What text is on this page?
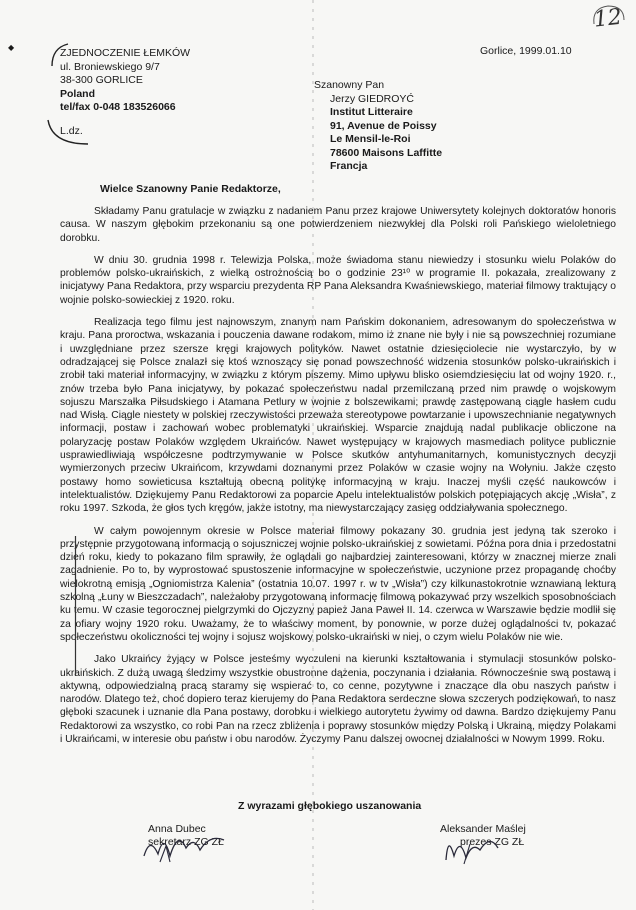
12
◆	ZJEDNOCZENIE ŁEMKÓW
ul. Broniewskiego 9/7
38-300 GORLICE
Poland
tel/fax 0-048 183526066
L.dz.
Gorlice, 1999.01.10
Szanowny Pan
Jerzy GIEDROYĆ
Institut Litteraire
91, Avenue de Poissy
Le Mensil-le-Roi
78600 Maisons Laffitte
Francja
Wielce Szanowny Panie Redaktorze,

Składamy Panu gratulacje w związku z nadaniem Panu przez krajowe Uniwersytety kolejnych doktoratów honoris causa. W naszym głębokim przekonaniu są one potwierdzeniem niezwykłej dla Polski roli Pańskiego wieloletniego dorobku.

W dniu 30. grudnia 1998 r. Telewizja Polska, może świadoma stanu niewiedzy i stosunku wielu Polaków do problemów polsko-ukraińskich, z wielką ostrożnością bo o godzinie 23¹⁰ w programie II. pokazała, zrealizowany z inicjatywy Pana Redaktora, przy wsparciu prezydenta RP Pana Aleksandra Kwaśniewskiego, materiał filmowy traktujący o wojnie polsko-sowieckiej z 1920. roku.

Realizacja tego filmu jest najnowszym, znanym nam Pańskim dokonaniem, adresowanym do społeczeństwa w kraju. Pana proroctwa, wskazania i pouczenia dawane rodakom, mimo iż znane nie były i nie są powszechniej rozumiane i uwzględniane przez szersze kręgi krajowych polityków. Nawet ostatnie dziesięciolecie nie wystarczyło, by w odradzającej się Polsce znalazł się ktoś wznoszący się ponad powszechność widzenia stosunków polsko-ukraińskich i zrobił taki materiał informacyjny, w związku z którym piszemy. Mimo upływu blisko osiemdziesięciu lat od wojny 1920. r., znów trzeba było Pana inicjatywy, by pokazać społeczeństwu nadal przemilczaną przed nim prawdę o wojskowym sojuszu Marszałka Piłsudskiego i Atamana Petlury w wojnie z bolszewikami; prawdę zastępowaną ciągle hasłem cudu nad Wisłą. Ciągle niestety w polskiej rzeczywistości przeważa stereotypowe powtarzanie i upowszechnianie negatywnych informacji, postaw i zachowań wobec problematyki ukraińskiej. Wsparcie znajdują nadal publikacje obliczone na polaryzację postaw Polaków względem Ukraińców. Nawet występujący w krajowych masmediach polityce publicznie usprawiedliwiają współczesne podtrzymywanie w Polsce skutków antyhumanitarnych, komunistycznych decyzji wymierzonych przeciw Ukraińcom, krzywdami doznanymi przez Polaków w czasie wojny na Wołyniu. Jakże często postawy homo sowieticusa kształtują obecną politykę informacyjną w kraju. Inaczej myśli część naukowców i intelektualistów. Dziękujemy Panu Redaktorowi za poparcie Apelu intelektualistów polskich potępiających akcję „Wisła”, z roku 1997. Szkoda, że głos tych kręgów, jakże istotny, ma niewystarczający zasięg oddziaływania społecznego.

W całym powojennym okresie w Polsce materiał filmowy pokazany 30. grudnia jest jedyną tak szeroko i przystępnie przygotowaną informacją o sojuszniczej wojnie polsko-ukraińskiej z sowietami. Późna pora dnia i przedostatni dzień roku, kiedy to pokazano film sprawiły, że oglądali go najbardziej zainteresowani, którzy w znacznej mierze znali zagadnienie. Po to, by wyprostować spustoszenie informacyjne w społeczeństwie, uczynione przez propagandę choćby wielokrotną emisją „Ogniomistrza Kalenia” (ostatnia 10.07. 1997 r. w tv „Wisła”) czy kilkunastokrotnie wznawianą lekturą szkolną „Łuny w Bieszczadach”, należałoby przygotowaną informację filmową pokazywać przy wszelkich sposobnościach ku temu. W czasie tegorocznej pielgrzymki do Ojczyzny papież Jana Paweł II. 14. czerwca w Warszawie będzie modlił się za ofiary wojny 1920 roku. Uważamy, że to właściwy moment, by ponownie, w porze dużej oglądalności tv, pokazać społeczeństwu okoliczności tej wojny i sojusz wojskowy polsko-ukraiński w niej, o czym wielu Polaków nie wie.

Jako Ukraińcy żyjący w Polsce jesteśmy wyczuleni na kierunki kształtowania i stymulacji stosunków polsko-ukraińskich. Z dużą uwagą śledzimy wszystkie obustronne dążenia, poczynania i działania. Równocześnie swą postawą i aktywną, odpowiedzialną pracą staramy się wspierać to, co cenne, pozytywne i znaczące dla obu naszych państw i narodów. Dlatego też, choć dopiero teraz kierujemy do Pana Redaktora serdeczne słowa szczerych podziękowań, to nasz głęboki szacunek i uznanie dla Pana postawy, dorobku i wielkiego autorytetu żywimy od dawna. Bardzo dziękujemy Panu Redaktorowi za wszystko, co robi Pan na rzecz zbliżenia i poprawy stosunków między Polską i Ukrainą, między Polakami i Ukraińcami, w interesie obu państw i obu narodów. Życzymy Panu dalszej owocnej działalności w Nowym 1999. Roku.

Z wyrazami głębokiego uszanowania
Anna Dubec
sekretarz ZG ZŁ
Aleksander Maślej
prezes ZG ZŁ
